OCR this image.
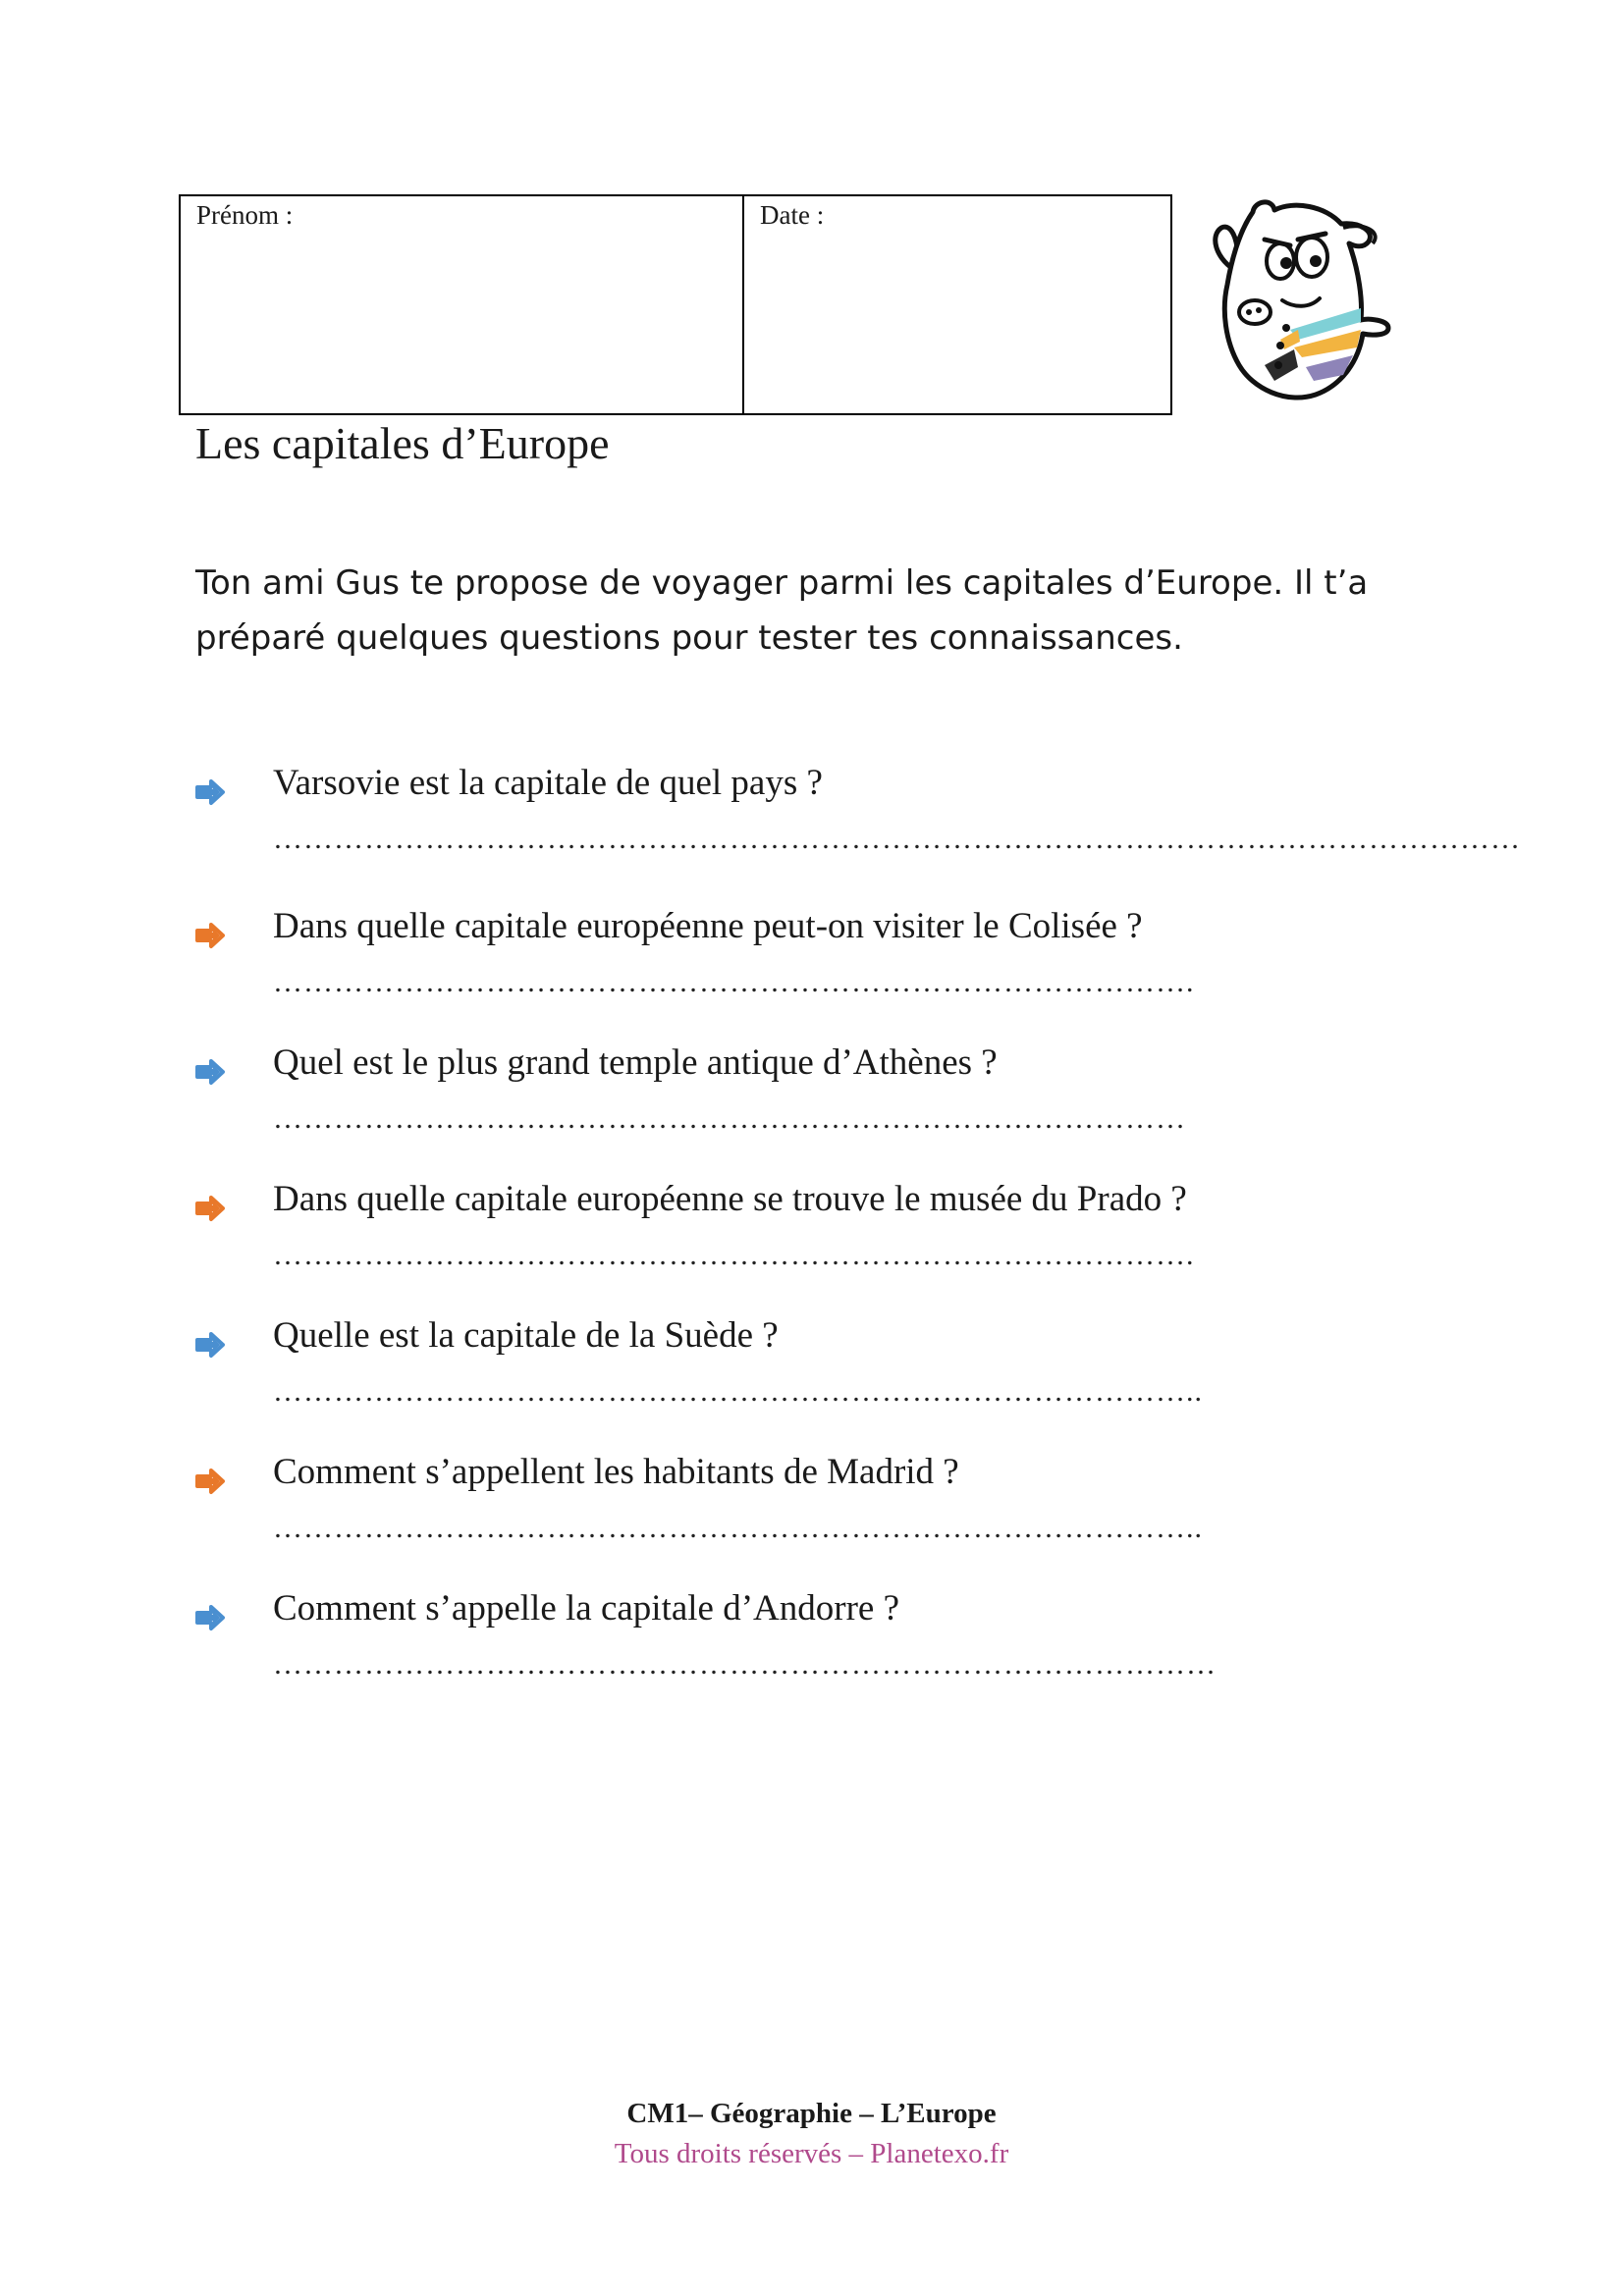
Prénom :	Date :
Les capitales d’Europe

Ton ami Gus te propose de voyager parmi les capitales d’Europe. Il t’a préparé quelques questions pour tester tes connaissances.

Varsovie est la capitale de quel pays ?
……………………………………………………………………………………………………………
Dans quelle capitale européenne peut-on visiter le Colisée ?
……………………………………………………………………………….
Quel est le plus grand temple antique d’Athènes ?
………………………………………………………………………………
Dans quelle capitale européenne se trouve le musée du Prado ?
……………………………………………………………………………….
Quelle est la capitale de la Suède ?
………………………………………………………………………………..
Comment s’appellent les habitants de Madrid ?
………………………………………………………………………………..
Comment s’appelle la capitale d’Andorre ?
…………………………………………………………………………………
CM1– Géographie – L’Europe
Tous droits réservés – Planetexo.fr
